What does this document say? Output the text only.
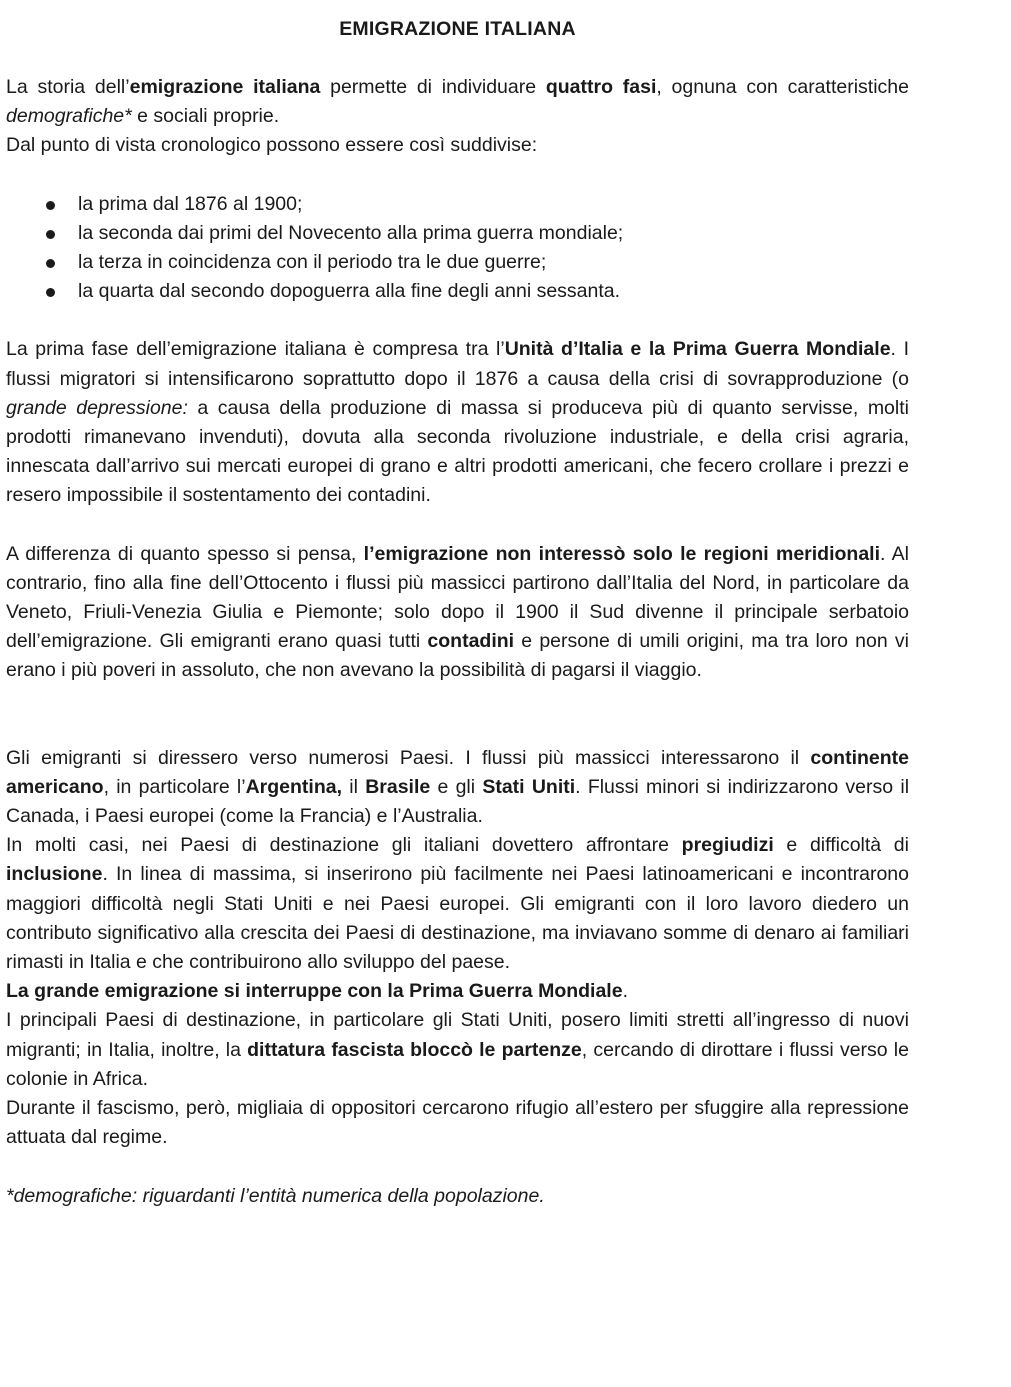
EMIGRAZIONE ITALIANA

La storia dell’emigrazione italiana permette di individuare quattro fasi, ognuna con caratteristiche demografiche* e sociali proprie.

Dal punto di vista cronologico possono essere così suddivise:

la prima dal 1876 al 1900;
la seconda dai primi del Novecento alla prima guerra mondiale;
la terza in coincidenza con il periodo tra le due guerre;
la quarta dal secondo dopoguerra alla fine degli anni sessanta.

La prima fase dell’emigrazione italiana è compresa tra l’Unità d’Italia e la Prima Guerra Mondiale. I flussi migratori si intensificarono soprattutto dopo il 1876 a causa della crisi di sovrapproduzione (o grande depressione: a causa della produzione di massa si produceva più di quanto servisse, molti prodotti rimanevano invenduti), dovuta alla seconda rivoluzione industriale, e della crisi agraria, innescata dall’arrivo sui mercati europei di grano e altri prodotti americani, che fecero crollare i prezzi e resero impossibile il sostentamento dei contadini.

A differenza di quanto spesso si pensa, l’emigrazione non interessò solo le regioni meridionali. Al contrario, fino alla fine dell’Ottocento i flussi più massicci partirono dall’Italia del Nord, in particolare da Veneto, Friuli-Venezia Giulia e Piemonte; solo dopo il 1900 il Sud divenne il principale serbatoio dell’emigrazione. Gli emigranti erano quasi tutti contadini e persone di umili origini, ma tra loro non vi erano i più poveri in assoluto, che non avevano la possibilità di pagarsi il viaggio.

Gli emigranti si diressero verso numerosi Paesi. I flussi più massicci interessarono il continente americano, in particolare l’Argentina, il Brasile e gli Stati Uniti. Flussi minori si indirizzarono verso il Canada, i Paesi europei (come la Francia) e l’Australia.

In molti casi, nei Paesi di destinazione gli italiani dovettero affrontare pregiudizi e difficoltà di inclusione. In linea di massima, si inserirono più facilmente nei Paesi latinoamericani e incontrarono maggiori difficoltà negli Stati Uniti e nei Paesi europei. Gli emigranti con il loro lavoro diedero un contributo significativo alla crescita dei Paesi di destinazione, ma inviavano somme di denaro ai familiari rimasti in Italia e che contribuirono allo sviluppo del paese.

La grande emigrazione si interruppe con la Prima Guerra Mondiale.

I principali Paesi di destinazione, in particolare gli Stati Uniti, posero limiti stretti all’ingresso di nuovi migranti; in Italia, inoltre, la dittatura fascista bloccò le partenze, cercando di dirottare i flussi verso le colonie in Africa.

Durante il fascismo, però, migliaia di oppositori cercarono rifugio all’estero per sfuggire alla repressione attuata dal regime.

*demografiche: riguardanti l’entità numerica della popolazione.
